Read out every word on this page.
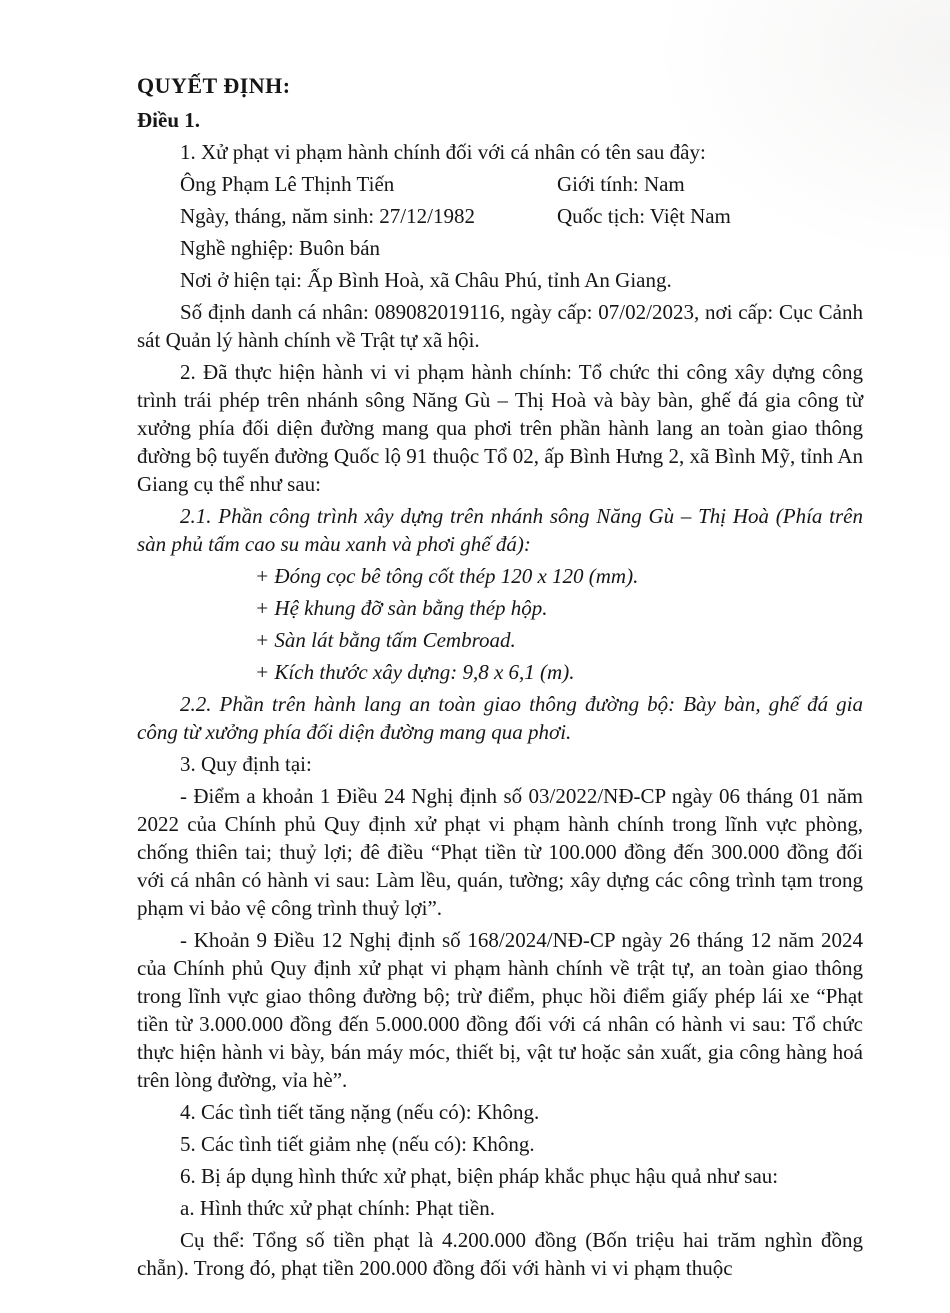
QUYẾT ĐỊNH:

Điều 1.

1. Xử phạt vi phạm hành chính đối với cá nhân có tên sau đây:

Ông Phạm Lê Thịnh Tiến	Giới tính: Nam

Ngày, tháng, năm sinh: 27/12/1982	Quốc tịch: Việt Nam

Nghề nghiệp: Buôn bán

Nơi ở hiện tại: Ấp Bình Hoà, xã Châu Phú, tỉnh An Giang.

Số định danh cá nhân: 089082019116, ngày cấp: 07/02/2023, nơi cấp: Cục Cảnh sát Quản lý hành chính về Trật tự xã hội.

2. Đã thực hiện hành vi vi phạm hành chính: Tổ chức thi công xây dựng công trình trái phép trên nhánh sông Năng Gù – Thị Hoà và bày bàn, ghế đá gia công từ xưởng phía đối diện đường mang qua phơi trên phần hành lang an toàn giao thông đường bộ tuyến đường Quốc lộ 91 thuộc Tổ 02, ấp Bình Hưng 2, xã Bình Mỹ, tỉnh An Giang cụ thể như sau:

2.1. Phần công trình xây dựng trên nhánh sông Năng Gù – Thị Hoà (Phía trên sàn phủ tấm cao su màu xanh và phơi ghế đá):

+ Đóng cọc bê tông cốt thép 120 x 120 (mm).

+ Hệ khung đỡ sàn bằng thép hộp.

+ Sàn lát bằng tấm Cembroad.

+ Kích thước xây dựng: 9,8 x 6,1 (m).

2.2. Phần trên hành lang an toàn giao thông đường bộ: Bày bàn, ghế đá gia công từ xưởng phía đối diện đường mang qua phơi.

3. Quy định tại:

- Điểm a khoản 1 Điều 24 Nghị định số 03/2022/NĐ-CP ngày 06 tháng 01 năm 2022 của Chính phủ Quy định xử phạt vi phạm hành chính trong lĩnh vực phòng, chống thiên tai; thuỷ lợi; đê điều “Phạt tiền từ 100.000 đồng đến 300.000 đồng đối với cá nhân có hành vi sau: Làm lều, quán, tường; xây dựng các công trình tạm trong phạm vi bảo vệ công trình thuỷ lợi”.

- Khoản 9 Điều 12 Nghị định số 168/2024/NĐ-CP ngày 26 tháng 12 năm 2024 của Chính phủ Quy định xử phạt vi phạm hành chính về trật tự, an toàn giao thông trong lĩnh vực giao thông đường bộ; trừ điểm, phục hồi điểm giấy phép lái xe “Phạt tiền từ 3.000.000 đồng đến 5.000.000 đồng đối với cá nhân có hành vi sau: Tổ chức thực hiện hành vi bày, bán máy móc, thiết bị, vật tư hoặc sản xuất, gia công hàng hoá trên lòng đường, vỉa hè”.

4. Các tình tiết tăng nặng (nếu có): Không.

5. Các tình tiết giảm nhẹ (nếu có): Không.

6. Bị áp dụng hình thức xử phạt, biện pháp khắc phục hậu quả như sau:

a. Hình thức xử phạt chính: Phạt tiền.

Cụ thể: Tổng số tiền phạt là 4.200.000 đồng (Bốn triệu hai trăm nghìn đồng chẵn). Trong đó, phạt tiền 200.000 đồng đối với hành vi vi phạm thuộc
